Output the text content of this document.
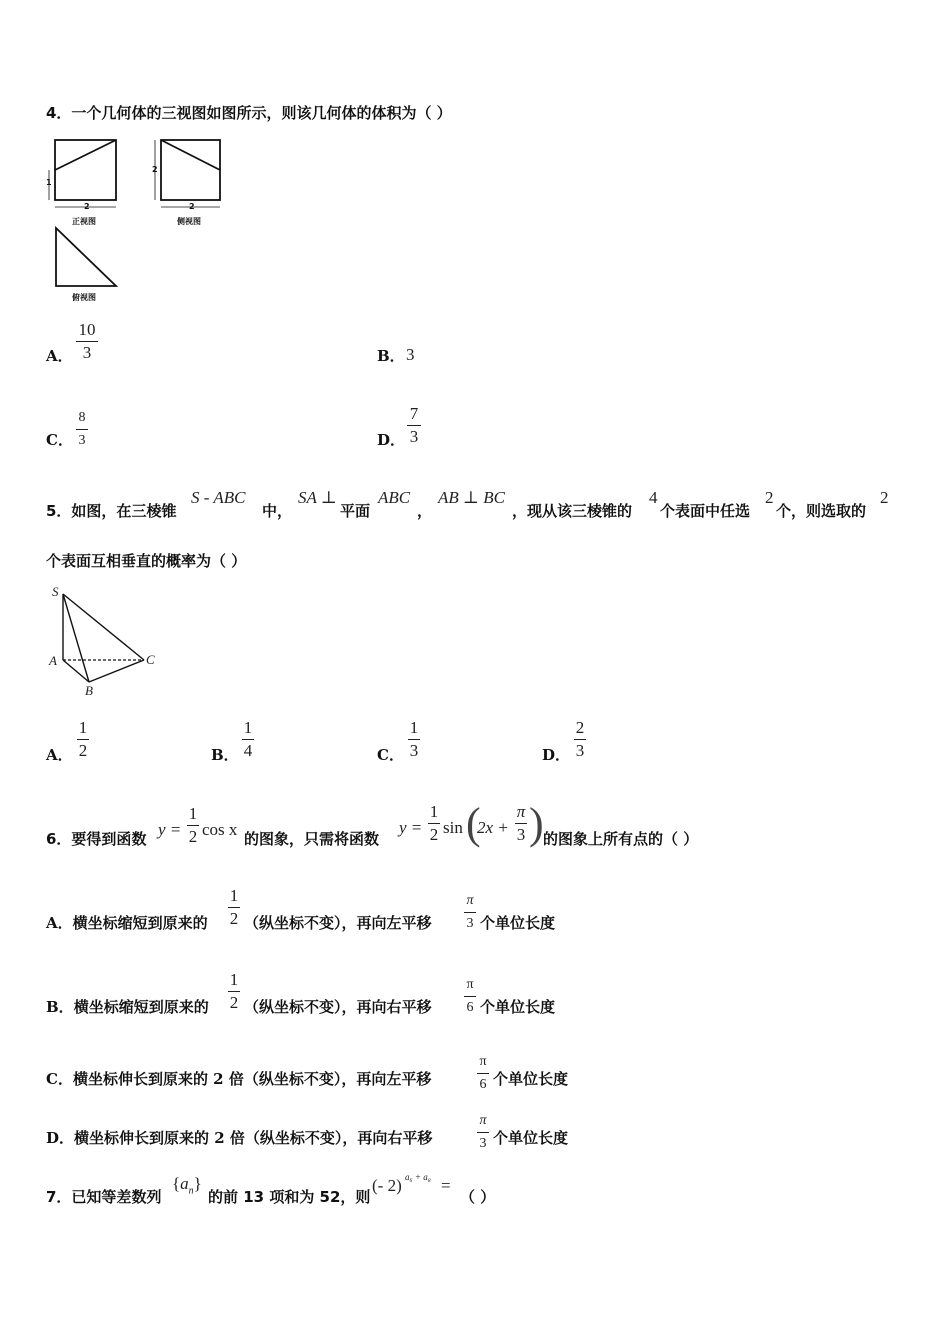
4．一个几何体的三视图如图所示，则该几何体的体积为（ ）
1
2
2
2
正视图	侧视图
俯视图
A．
10
3	B． 3
C．
8
3	D．
7
3
5．如图，在三棱锥
S - ABC
中，
SA ⊥
平面
ABC
，
AB ⊥ BC
，现从该三棱锥的
4
个表面中任选
2
个，则选取的
2
个表面互相垂直的概率为（ ）
S
A
B
C
A．
1
2	B．
1
4	C．
1
3	D．
2
3
6．要得到函数 y =
1
2 cos x 的图象，只需将函数
y =
1
2 sin (
2x +
π
3 ) 的图象上所有点的（ ）
A．横坐标缩短到原来的
1
2 （纵坐标不变），再向左平移
π
3 个单位长度
B．横坐标缩短到原来的
1
2 （纵坐标不变），再向右平移
π
6 个单位长度
C．横坐标伸长到原来的 2 倍（纵坐标不变），再向左平移
π
6 个单位长度
D．横坐标伸长到原来的 2 倍（纵坐标不变），再向右平移
π
3 个单位长度
7．已知等差数列
$\{a_n\}$
的前 13 项和为 52，则
(- 2) a₆ + a₈ =
（ ）
